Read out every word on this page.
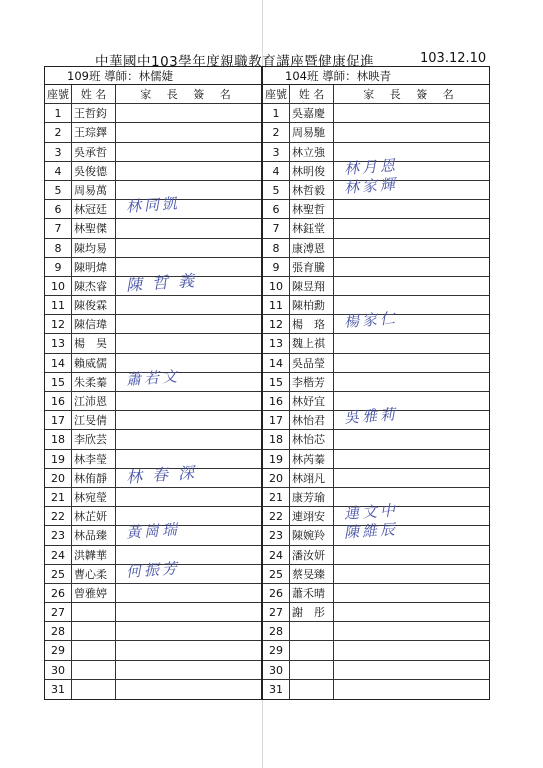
中華國中103學年度親職教育講座暨健康促進	103.12.10
109班 導師：林儒婕
座號	姓 名	家 長 簽 名
1	王哲鈞
2	王琮鐸
3	吳承哲
4	吳俊德
5	周易萬
6	林冠廷	林同凱
7	林聖傑
8	陳均易
9	陳明煒
10 陳杰睿	陳哲義
11 陳俊霖
12 陳信瑋
13 楊　昊
14 賴威儒
15 朱柔蓁	蕭若文
16 江沛恩
17 江旻倩
18 李欣芸
19 林李瑩
20 林侑靜	林春深
21 林宛瑩
22 林芷妍
23 林品臻	黃崗瑞
24 洪韡華
25 曹心柔	何振芳
26 曾雅婷
27
28
29
30
31
104班 導師：林映青
座號	姓 名	家 長 簽 名
1	吳嘉慶
2	周易馳
3	林立強
4	林明俊	林月恩
5	林哲毅	林家輝
6	林聖哲
7	林鈺堂
8	康溥恩
9	張育騰
10 陳昱翔
11 陳柏勳
12 楊　珞	楊家仁
13 魏上祺
14 吳品瑩
15 李楷芳
16 林妤宜
17 林怡君	吳雅莉
18 林怡芯
19 林芮蓁
20 林翊凡
21 康芳瑜
22 連翊安	連文中
23 陳婉羚	陳維辰
24 潘汝妍
25 蔡旻臻
26 蕭禾晴
27 謝　彤
28
29
30
31
